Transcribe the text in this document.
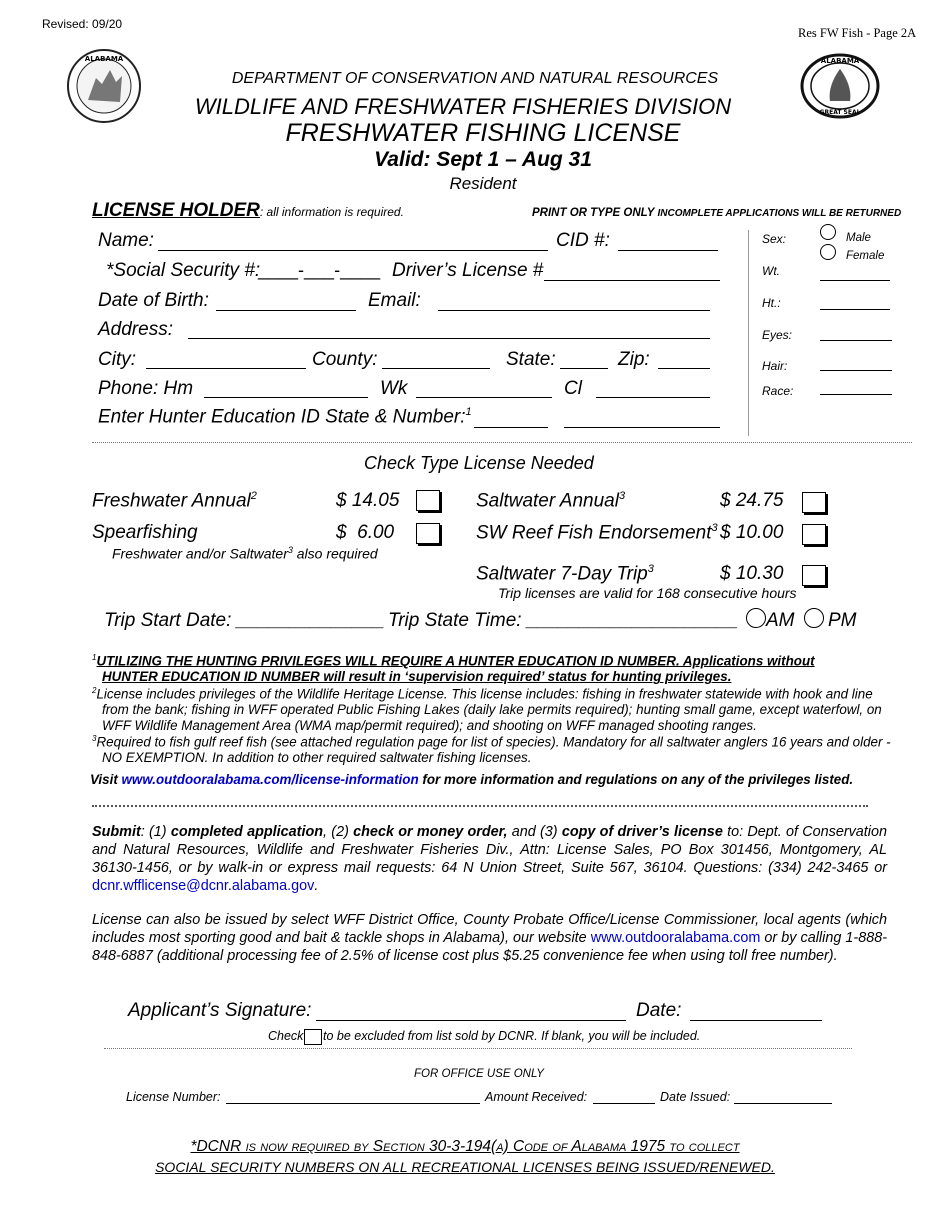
Revised: 09/20
Res FW Fish - Page 2A
ALABAMA	ALABAMA
GREAT SEAL
DEPARTMENT OF CONSERVATION AND NATURAL RESOURCES
WILDLIFE AND FRESHWATER FISHERIES DIVISION
FRESHWATER FISHING LICENSE
Valid: Sept 1 – Aug 31
Resident
LICENSE HOLDER: all information is required.	PRINT OR TYPE ONLY INCOMPLETE APPLICATIONS WILL BE RETURNED
Name:	CID #:
*Social Security #:
____-___-____ Driver’s License #
Date of Birth:	Email:
Address:
City:	County:	State:	Zip:
Phone: Hm	Wk	Cl
Enter Hunter Education ID State & Number:$^1$
Sex:	Male
Female
Wt.
Ht.:
Eyes:
Hair:
Race:
Check Type License Needed
Freshwater Annual$^2$	$ 14.05
Spearfishing	$  6.00
Freshwater and/or Saltwater$^3$ also required
Saltwater Annual$^3$	$ 24.75
SW Reef Fish Endorsement$^3$ $ 10.00
Saltwater 7-Day Trip$^3$	$ 10.30
Trip licenses are valid for 168 consecutive hours
Trip Start Date: ______________ Trip State Time: ____________________ AM PM
$^1$UTILIZING THE HUNTING PRIVILEGES WILL REQUIRE A HUNTER EDUCATION ID NUMBER. Applications without
HUNTER EDUCATION ID NUMBER will result in ‘supervision required’ status for hunting privileges.
$^2$License includes privileges of the Wildlife Heritage License. This license includes: fishing in freshwater statewide with hook and line from the bank; fishing in WFF operated Public Fishing Lakes (daily lake permits required); hunting small game, except waterfowl, on WFF Wildlife Management Area (WMA map/permit required); and shooting on WFF managed shooting ranges.
$^3$Required to fish gulf reef fish (see attached regulation page for list of species). Mandatory for all saltwater anglers 16 years and older - NO EXEMPTION. In addition to other required saltwater fishing licenses.
Visit www.outdooralabama.com/license-information for more information and regulations on any of the privileges listed.
Submit: (1) completed application, (2) check or money order, and (3) copy of driver’s license to: Dept. of Conservation and Natural Resources, Wildlife and Freshwater Fisheries Div., Attn: License Sales, PO Box 301456, Montgomery, AL 36130-1456, or by walk-in or express mail requests: 64 N Union Street, Suite 567, 36104. Questions: (334) 242-3465 or dcnr.wfflicense@dcnr.alabama.gov.
License can also be issued by select WFF District Office, County Probate Office/License Commissioner, local agents (which includes most sporting good and bait & tackle shops in Alabama), our website www.outdooralabama.com or by calling 1-888-848-6887 (additional processing fee of 2.5% of license cost plus $5.25 convenience fee when using toll free number).
Applicant’s Signature:	Date:
Check to be excluded from list sold by DCNR. If blank, you will be included.
FOR OFFICE USE ONLY
License Number:	Amount Received:	Date Issued:
*DCNR is now required by Section 30-3-194(a) Code of Alabama 1975 to collect
SOCIAL SECURITY NUMBERS ON ALL RECREATIONAL LICENSES BEING ISSUED/RENEWED.
